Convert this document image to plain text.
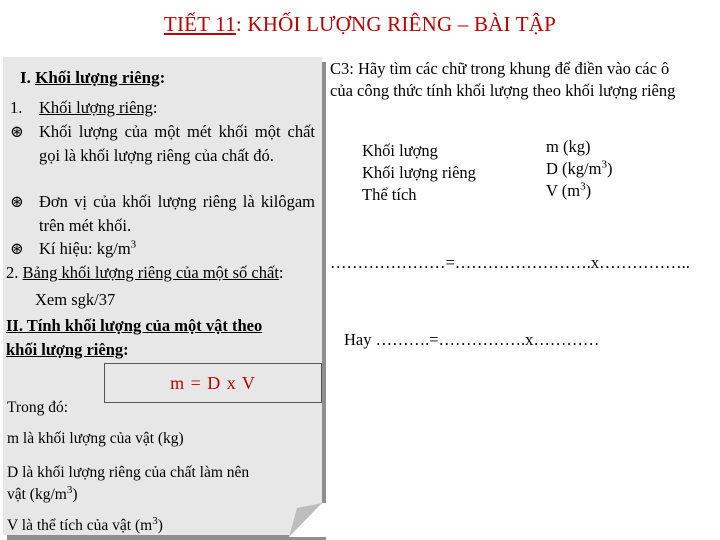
TIẾT 11: KHỐI LƯỢNG RIÊNG – BÀI TẬP
I. Khối lượng riêng:
1. Khối lượng riêng:
⊛ Khối lượng của một mét khối một chất gọi là khối lượng riêng của chất đó.
⊛ Đơn vị của khối lượng riêng là kilôgam trên mét khối.
⊛ Kí hiệu: $kg/m^3$
2. Bảng khối lượng riêng của một số chất:
Xem sgk/37
II. Tính khối lượng của một vật theo
khối lượng riêng:
m = D x V
Trong đó:
m là khối lượng của vật (kg)
D là khối lượng riêng của chất làm nên
vật $(kg/m^3)$
V là thể tích của vật $(m^3)$
C3: Hãy tìm các chữ trong khung để điền vào các ô
của công thức tính khối lượng theo khối lượng riêng
Khối lượng
Khối lượng riêng
Thể tích
m (kg)
D $(kg/m^3)$
V $(m^3)$
…………………=…………………….x……………..
Hay ……….=…………….x…………
